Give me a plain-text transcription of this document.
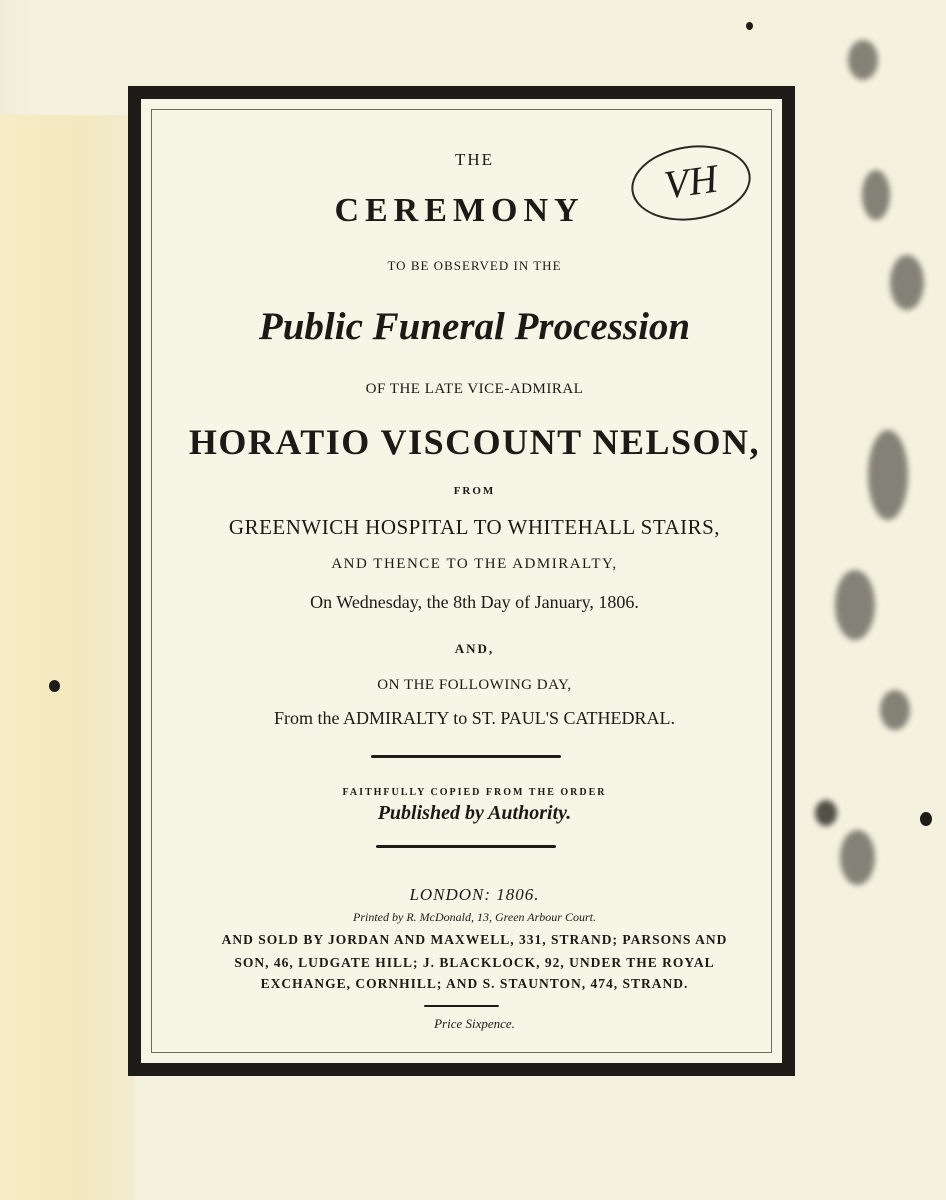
VH

THE

CEREMONY

TO BE OBSERVED IN THE

Public Funeral Procession

OF THE LATE VICE-ADMIRAL

HORATIO VISCOUNT NELSON,

FROM

GREENWICH HOSPITAL TO WHITEHALL STAIRS,

AND THENCE TO THE ADMIRALTY,

On Wednesday, the 8th Day of January, 1806.

AND,

ON THE FOLLOWING DAY,

From the ADMIRALTY to ST. PAUL'S CATHEDRAL.

FAITHFULLY COPIED FROM THE ORDER

Published by Authority.

LONDON: 1806.

Printed by R. McDonald, 13, Green Arbour Court.

AND SOLD BY JORDAN AND MAXWELL, 331, STRAND; PARSONS AND

SON, 46, LUDGATE HILL; J. BLACKLOCK, 92, UNDER THE ROYAL

EXCHANGE, CORNHILL; AND S. STAUNTON, 474, STRAND.

Price Sixpence.
